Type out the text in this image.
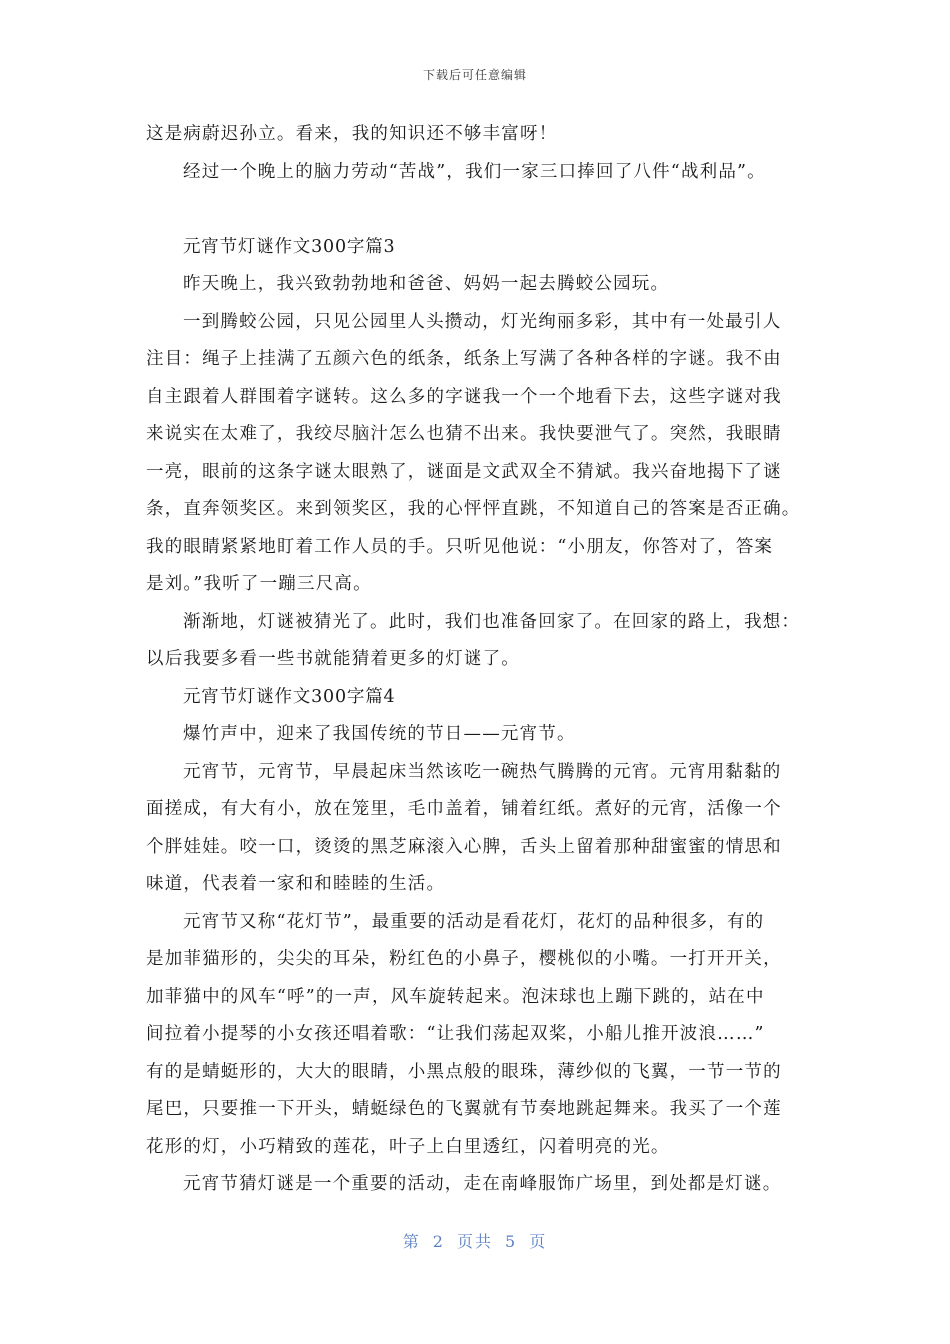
下载后可任意编辑
这是病蔚迟孙立。看来，我的知识还不够丰富呀！
经过一个晚上的脑力劳动“苦战”，我们一家三口捧回了八件“战利品”。
元宵节灯谜作文300字篇3
昨天晚上，我兴致勃勃地和爸爸、妈妈一起去腾蛟公园玩。
一到腾蛟公园，只见公园里人头攒动，灯光绚丽多彩，其中有一处最引人
注目：绳子上挂满了五颜六色的纸条，纸条上写满了各种各样的字谜。我不由
自主跟着人群围着字谜转。这么多的字谜我一个一个地看下去，这些字谜对我
来说实在太难了，我绞尽脑汁怎么也猜不出来。我快要泄气了。突然，我眼睛
一亮，眼前的这条字谜太眼熟了，谜面是文武双全不猜斌。我兴奋地揭下了谜
条，直奔领奖区。来到领奖区，我的心怦怦直跳，不知道自己的答案是否正确。
我的眼睛紧紧地盯着工作人员的手。只听见他说：“小朋友，你答对了，答案
是刘。”我听了一蹦三尺高。
渐渐地，灯谜被猜光了。此时，我们也准备回家了。在回家的路上，我想：
以后我要多看一些书就能猜着更多的灯谜了。
元宵节灯谜作文300字篇4
爆竹声中，迎来了我国传统的节日——元宵节。
元宵节，元宵节，早晨起床当然该吃一碗热气腾腾的元宵。元宵用黏黏的
面搓成，有大有小，放在笼里，毛巾盖着，铺着红纸。煮好的元宵，活像一个
个胖娃娃。咬一口，烫烫的黑芝麻滚入心脾，舌头上留着那种甜蜜蜜的情思和
味道，代表着一家和和睦睦的生活。
元宵节又称“花灯节”，最重要的活动是看花灯，花灯的品种很多，有的
是加菲猫形的，尖尖的耳朵，粉红色的小鼻子，樱桃似的小嘴。一打开开关，
加菲猫中的风车“呼”的一声，风车旋转起来。泡沫球也上蹦下跳的，站在中
间拉着小提琴的小女孩还唱着歌：“让我们荡起双桨，小船儿推开波浪……”
有的是蜻蜓形的，大大的眼睛，小黑点般的眼珠，薄纱似的飞翼，一节一节的
尾巴，只要推一下开头，蜻蜓绿色的飞翼就有节奏地跳起舞来。我买了一个莲
花形的灯，小巧精致的莲花，叶子上白里透红，闪着明亮的光。
元宵节猜灯谜是一个重要的活动，走在南峰服饰广场里，到处都是灯谜。
第 2 页共 5 页
